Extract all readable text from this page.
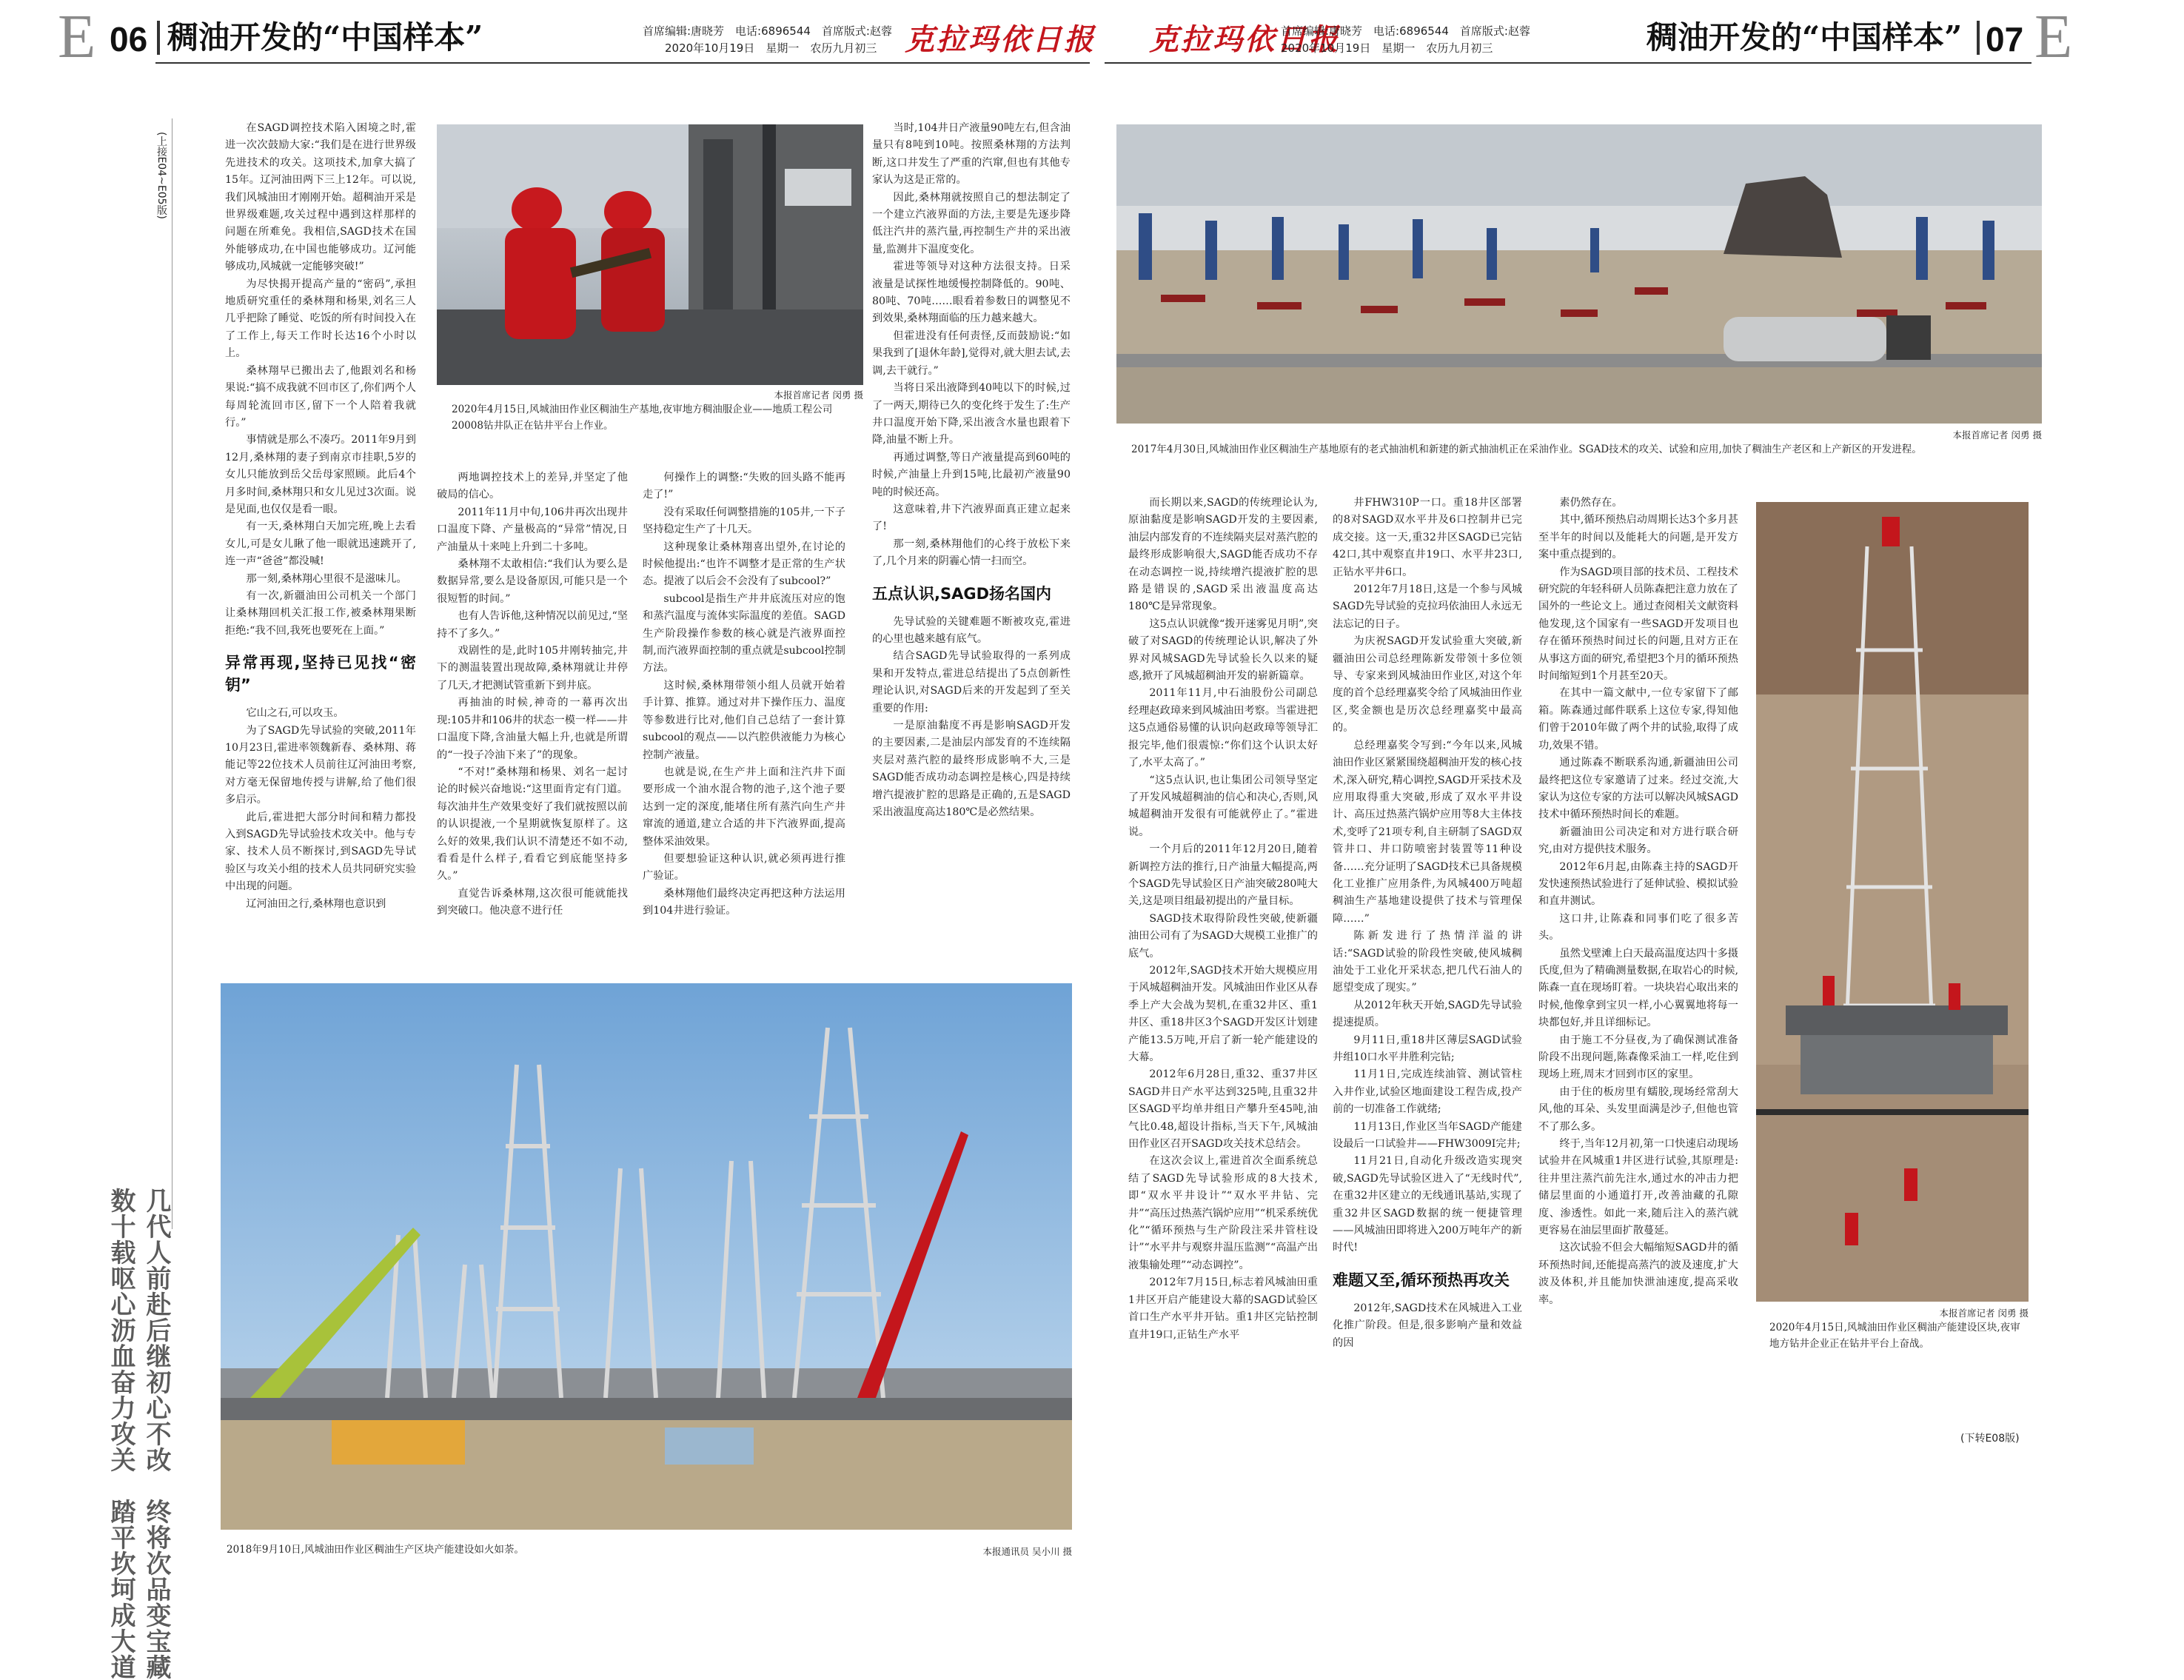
E 06 稠油开发的“中国样本”	首席编辑:唐晓芳　电话:6896544　首席版式:赵蓉
2020年10月19日　星期一　农历九月初三 克拉玛依日报 克拉玛依日报
首席编辑:唐晓芳　电话:6896544　首席版式:赵蓉
2020年10月19日　星期一　农历九月初三	稠油开发的“中国样本” 07 E
(上接E04~E05版)

在SAGD调控技术陷入困境之时,霍进一次次鼓励大家:“我们是在进行世界级先进技术的攻关。这项技术,加拿大搞了15年。辽河油田两下三上12年。可以说,我们风城油田才刚刚开始。超稠油开采是世界级难题,攻关过程中遇到这样那样的问题在所难免。我相信,SAGD技术在国外能够成功,在中国也能够成功。辽河能够成功,风城就一定能够突破!”

为尽快揭开提高产量的“密码”,承担地质研究重任的桑林翔和杨果,刘名三人几乎把除了睡觉、吃饭的所有时间投入在了工作上,每天工作时长达16个小时以上。

桑林翔早已搬出去了,他跟刘名和杨果说:“搞不成我就不回市区了,你们两个人每周轮流回市区,留下一个人陪着我就行。”

事情就是那么不凑巧。2011年9月到12月,桑林翔的妻子到南京市挂职,5岁的女儿只能放到岳父岳母家照顾。此后4个月多时间,桑林翔只和女儿见过3次面。说是见面,也仅仅是看一眼。

有一天,桑林翔白天加完班,晚上去看女儿,可是女儿瞅了他一眼就迅速跳开了,连一声“爸爸”都没喊!

那一刻,桑林翔心里很不是滋味儿。

有一次,新疆油田公司机关一个部门让桑林翔回机关汇报工作,被桑林翔果断拒绝:“我不回,我死也要死在上面。”

异常再现,坚持已见找“密钥”

它山之石,可以攻玉。

为了SAGD先导试验的突破,2011年10月23日,霍进率领魏新春、桑林翔、蒋能记等22位技术人员前往辽河油田考察,对方毫无保留地传授与讲解,给了他们很多启示。

此后,霍进把大部分时间和精力都投入到SAGD先导试验技术攻关中。他与专家、技术人员不断探讨,到SAGD先导试验区与攻关小组的技术人员共同研究实验中出现的问题。

辽河油田之行,桑林翔也意识到

本报首席记者 闵勇 摄
2020年4月15日,风城油田作业区稠油生产基地,夜审地方稠油服企业——地质工程公司20008钻井队正在钻井平台上作业。

两地调控技术上的差异,并坚定了他破局的信心。

2011年11月中旬,106井再次出现井口温度下降、产量极高的“异常”情况,日产油量从十来吨上升到二十多吨。

桑林翔不太敢相信:“我们认为要么是数据异常,要么是设备原因,可能只是一个很短暂的时间。”

也有人告诉他,这种情况以前见过,“坚持不了多久。”

戏剧性的是,此时105井刚转抽完,井下的测温装置出现故障,桑林翔就让井停了几天,才把测试管重新下到井底。

再抽油的时候,神奇的一幕再次出现:105井和106井的状态一模一样——井口温度下降,含油量大幅上升,也就是所谓的“一投子冷油下来了”的现象。

“不对!”桑林翔和杨果、刘名一起讨论的时候兴奋地说:“这里面肯定有门道。每次油井生产效果变好了我们就按照以前的认识提液,一个星期就恢复原样了。这么好的效果,我们认识不清楚还不如不动,看看是什么样子,看看它到底能坚持多久。”

直觉告诉桑林翔,这次很可能就能找到突破口。他决意不进行任

何操作上的调整:“失败的回头路不能再走了!”

没有采取任何调整措施的105井,一下子坚持稳定生产了十几天。

这种现象让桑林翔喜出望外,在讨论的时候他提出:“也许不调整才是正常的生产状态。提液了以后会不会没有了subcool?”

subcool是指生产井井底流压对应的饱和蒸汽温度与流体实际温度的差值。SAGD生产阶段操作参数的核心就是汽液界面控制,而汽液界面控制的重点就是subcool控制方法。

这时候,桑林翔带领小组人员就开始着手计算、推算。通过对井下操作压力、温度等参数进行比对,他们自己总结了一套计算subcool的观点——以汽腔供液能力为核心控制产液量。

也就是说,在生产井上面和注汽井下面要形成一个油水混合物的池子,这个池子要达到一定的深度,能堵住所有蒸汽向生产井窜流的通道,建立合适的井下汽液界面,提高整体采油效果。

但要想验证这种认识,就必须再进行推广验证。

桑林翔他们最终决定再把这种方法运用到104井进行验证。

当时,104井日产液量90吨左右,但含油量只有8吨到10吨。按照桑林翔的方法判断,这口井发生了严重的汽窜,但也有其他专家认为这是正常的。

因此,桑林翔就按照自己的想法制定了一个建立汽液界面的方法,主要是先逐步降低注汽井的蒸汽量,再控制生产井的采出液量,监测井下温度变化。

霍进等领导对这种方法很支持。日采液量是试探性地缓慢控制降低的。90吨、80吨、70吨……眼看着参数日的调整见不到效果,桑林翔面临的压力越来越大。

但霍进没有任何责怪,反而鼓励说:“如果我到了[退休年龄],觉得对,就大胆去试,去调,去干就行。”

当将日采出液降到40吨以下的时候,过了一两天,期待已久的变化终于发生了:生产井口温度开始下降,采出液含水量也跟着下降,油量不断上升。

再通过调整,等日产液量提高到60吨的时候,产油量上升到15吨,比最初产液量90吨的时候还高。

这意味着,井下汽液界面真正建立起来了!

那一刻,桑林翔他们的心终于放松下来了,几个月来的阴霾心情一扫而空。

五点认识,SAGD扬名国内

先导试验的关键难题不断被攻克,霍进的心里也越来越有底气。

结合SAGD先导试验取得的一系列成果和开发特点,霍进总结提出了5点创新性理论认识,对SAGD后来的开发起到了至关重要的作用:

一是原油黏度不再是影响SAGD开发的主要因素,二是油层内部发育的不连续隔夹层对蒸汽腔的最终形成影响不大,三是SAGD能否成功动态调控是核心,四是持续增汽提液扩腔的思路是正确的,五是SAGD采出液温度高达180℃是必然结果。

几代人前赴后继初心不改　终将次品变宝藏
数十载呕心沥血奋力攻关　踏平坎坷成大道	2018年9月10日,风城油田作业区稠油生产区块产能建设如火如荼。	本报通讯员 吴小川 摄
本报首席记者 闵勇 摄
2017年4月30日,风城油田作业区稠油生产基地原有的老式抽油机和新建的新式抽油机正在采油作业。SGAD技术的攻关、试验和应用,加快了稠油生产老区和上产新区的开发进程。

而长期以来,SAGD的传统理论认为,原油黏度是影响SAGD开发的主要因素,油层内部发育的不连续隔夹层对蒸汽腔的最终形成影响很大,SAGD能否成功不存在动态调控一说,持续增汽提液扩腔的思路是错误的,SAGD采出液温度高达180℃是异常现象。

这5点认识就像“拨开迷雾见月明”,突破了对SAGD的传统理论认识,解决了外界对风城SAGD先导试验长久以来的疑惑,掀开了风城超稠油开发的崭新篇章。

2011年11月,中石油股份公司副总经理赵政璋来到风城油田考察。当霍进把这5点通俗易懂的认识向赵政璋等领导汇报完毕,他们很震惊:“你们这个认识太好了,水平太高了。”

“这5点认识,也让集团公司领导坚定了开发风城超稠油的信心和决心,否则,风城超稠油开发很有可能就停止了。”霍进说。

一个月后的2011年12月20日,随着新调控方法的推行,日产油量大幅提高,两个SAGD先导试验区日产油突破280吨大关,这是项目组最初提出的产量目标。

SAGD技术取得阶段性突破,使新疆油田公司有了为SAGD大规模工业推广的底气。

2012年,SAGD技术开始大规模应用于风城超稠油开发。风城油田作业区从春季上产大会战为契机,在重32井区、重1井区、重18井区3个SAGD开发区计划建产能13.5万吨,开启了新一轮产能建设的大幕。

2012年6月28日,重32、重37井区SAGD井日产水平达到325吨,且重32井区SAGD平均单井组日产攀升至45吨,油气比0.48,超设计指标,当天下午,风城油田作业区召开SAGD攻关技术总结会。

在这次会议上,霍进首次全面系统总结了SAGD先导试验形成的8大技术,即“双水平井设计”“双水平井钻、完井”“高压过热蒸汽锅炉应用”“机采系统优化”“循环预热与生产阶段注采井管柱设计”“水平井与观察井温压监测”“高温产出液集输处理”“动态调控”。

2012年7月15日,标志着风城油田重1井区开启产能建设大幕的SAGD试验区首口生产水平井开钻。重1井区完钻控制直井19口,正钻生产水平

井FHW310P一口。重18井区部署的8对SAGD双水平井及6口控制井已完成交接。这一天,重32井区SAGD已完钻42口,其中观察直井19口、水平井23口,正钻水平井6口。

2012年7月18日,这是一个参与风城SAGD先导试验的克拉玛依油田人永远无法忘记的日子。

为庆祝SAGD开发试验重大突破,新疆油田公司总经理陈新发带领十多位领导、专家来到风城油田作业区,对这个年度的首个总经理嘉奖令给了风城油田作业区,奖金额也是历次总经理嘉奖中最高的。

总经理嘉奖令写到:“今年以来,风城油田作业区紧紧围绕超稠油开发的核心技术,深入研究,精心调控,SAGD开采技术及应用取得重大突破,形成了双水平井设计、高压过热蒸汽锅炉应用等8大主体技术,变呼了21项专利,自主研制了SAGD双管井口、井口防喷密封装置等11种设备……充分证明了SAGD技术已具备规模化工业推广应用条件,为风城400万吨超稠油生产基地建设提供了技术与管理保障……”

陈新发进行了热情洋溢的讲话:“SAGD试验的阶段性突破,使风城稠油处于工业化开采状态,把几代石油人的愿望变成了现实。”

从2012年秋天开始,SAGD先导试验提速提质。

9月11日,重18井区薄层SAGD试验井组10口水平井胜利完钻;

11月1日,完成连续油管、测试管柱入井作业,试验区地面建设工程告成,投产前的一切准备工作就绪;

11月13日,作业区当年SAGD产能建设最后一口试验井——FHW3009I完井;

11月21日,自动化升级改造实现突破,SAGD先导试验区进入了“无线时代”,在重32井区建立的无线通讯基站,实现了重32井区SAGD数据的统一便捷管理——风城油田即将进入200万吨年产的新时代!

难题又至,循环预热再攻关

2012年,SAGD技术在风城进入工业化推广阶段。但是,很多影响产量和效益的因

素仍然存在。

其中,循环预热启动周期长达3个多月甚至半年的时间以及能耗大的问题,是开发方案中重点提到的。

作为SAGD项目部的技术员、工程技术研究院的年轻科研人员陈森把注意力放在了国外的一些论文上。通过查阅相关文献资料他发现,这个国家有一些SAGD开发项目也存在循环预热时间过长的问题,且对方正在从事这方面的研究,希望把3个月的循环预热时间缩短到1个月甚至20天。

在其中一篇文献中,一位专家留下了邮箱。陈森通过邮件联系上这位专家,得知他们曾于2010年做了两个井的试验,取得了成功,效果不错。

通过陈森不断联系沟通,新疆油田公司最终把这位专家邀请了过来。经过交流,大家认为这位专家的方法可以解决风城SAGD技术中循环预热时间长的难题。

新疆油田公司决定和对方进行联合研究,由对方提供技术服务。

2012年6月起,由陈森主持的SAGD开发快速预热试验进行了延伸试验、模拟试验和直井测试。

这口井,让陈森和同事们吃了很多苦头。

虽然戈壁滩上白天最高温度达四十多摄氏度,但为了精确测量数据,在取岩心的时候,陈森一直在现场盯着。一块块岩心取出来的时候,他像拿到宝贝一样,小心翼翼地将每一块都包好,并且详细标记。

由于施工不分昼夜,为了确保测试准备阶段不出现问题,陈森像采油工一样,吃住到现场上班,周末才回到市区的家里。

由于住的板房里有蠕胶,现场经常刮大风,他的耳朵、头发里面满是沙子,但他也管不了那么多。

终于,当年12月初,第一口快速启动现场试验井在风城重1井区进行试验,其原理是:往井里注蒸汽前先注水,通过水的冲击力把储层里面的小通道打开,改善油藏的孔隙度、渗透性。如此一来,随后注入的蒸汽就更容易在油层里面扩散蔓延。

这次试验不但会大幅缩短SAGD井的循环预热时间,还能提高蒸汽的波及速度,扩大波及体积,并且能加快泄油速度,提高采收率。

本报首席记者 闵勇 摄
2020年4月15日,风城油田作业区稠油产能建设区块,夜审地方钻井企业正在钻井平台上奋战。
(下转E08版)
